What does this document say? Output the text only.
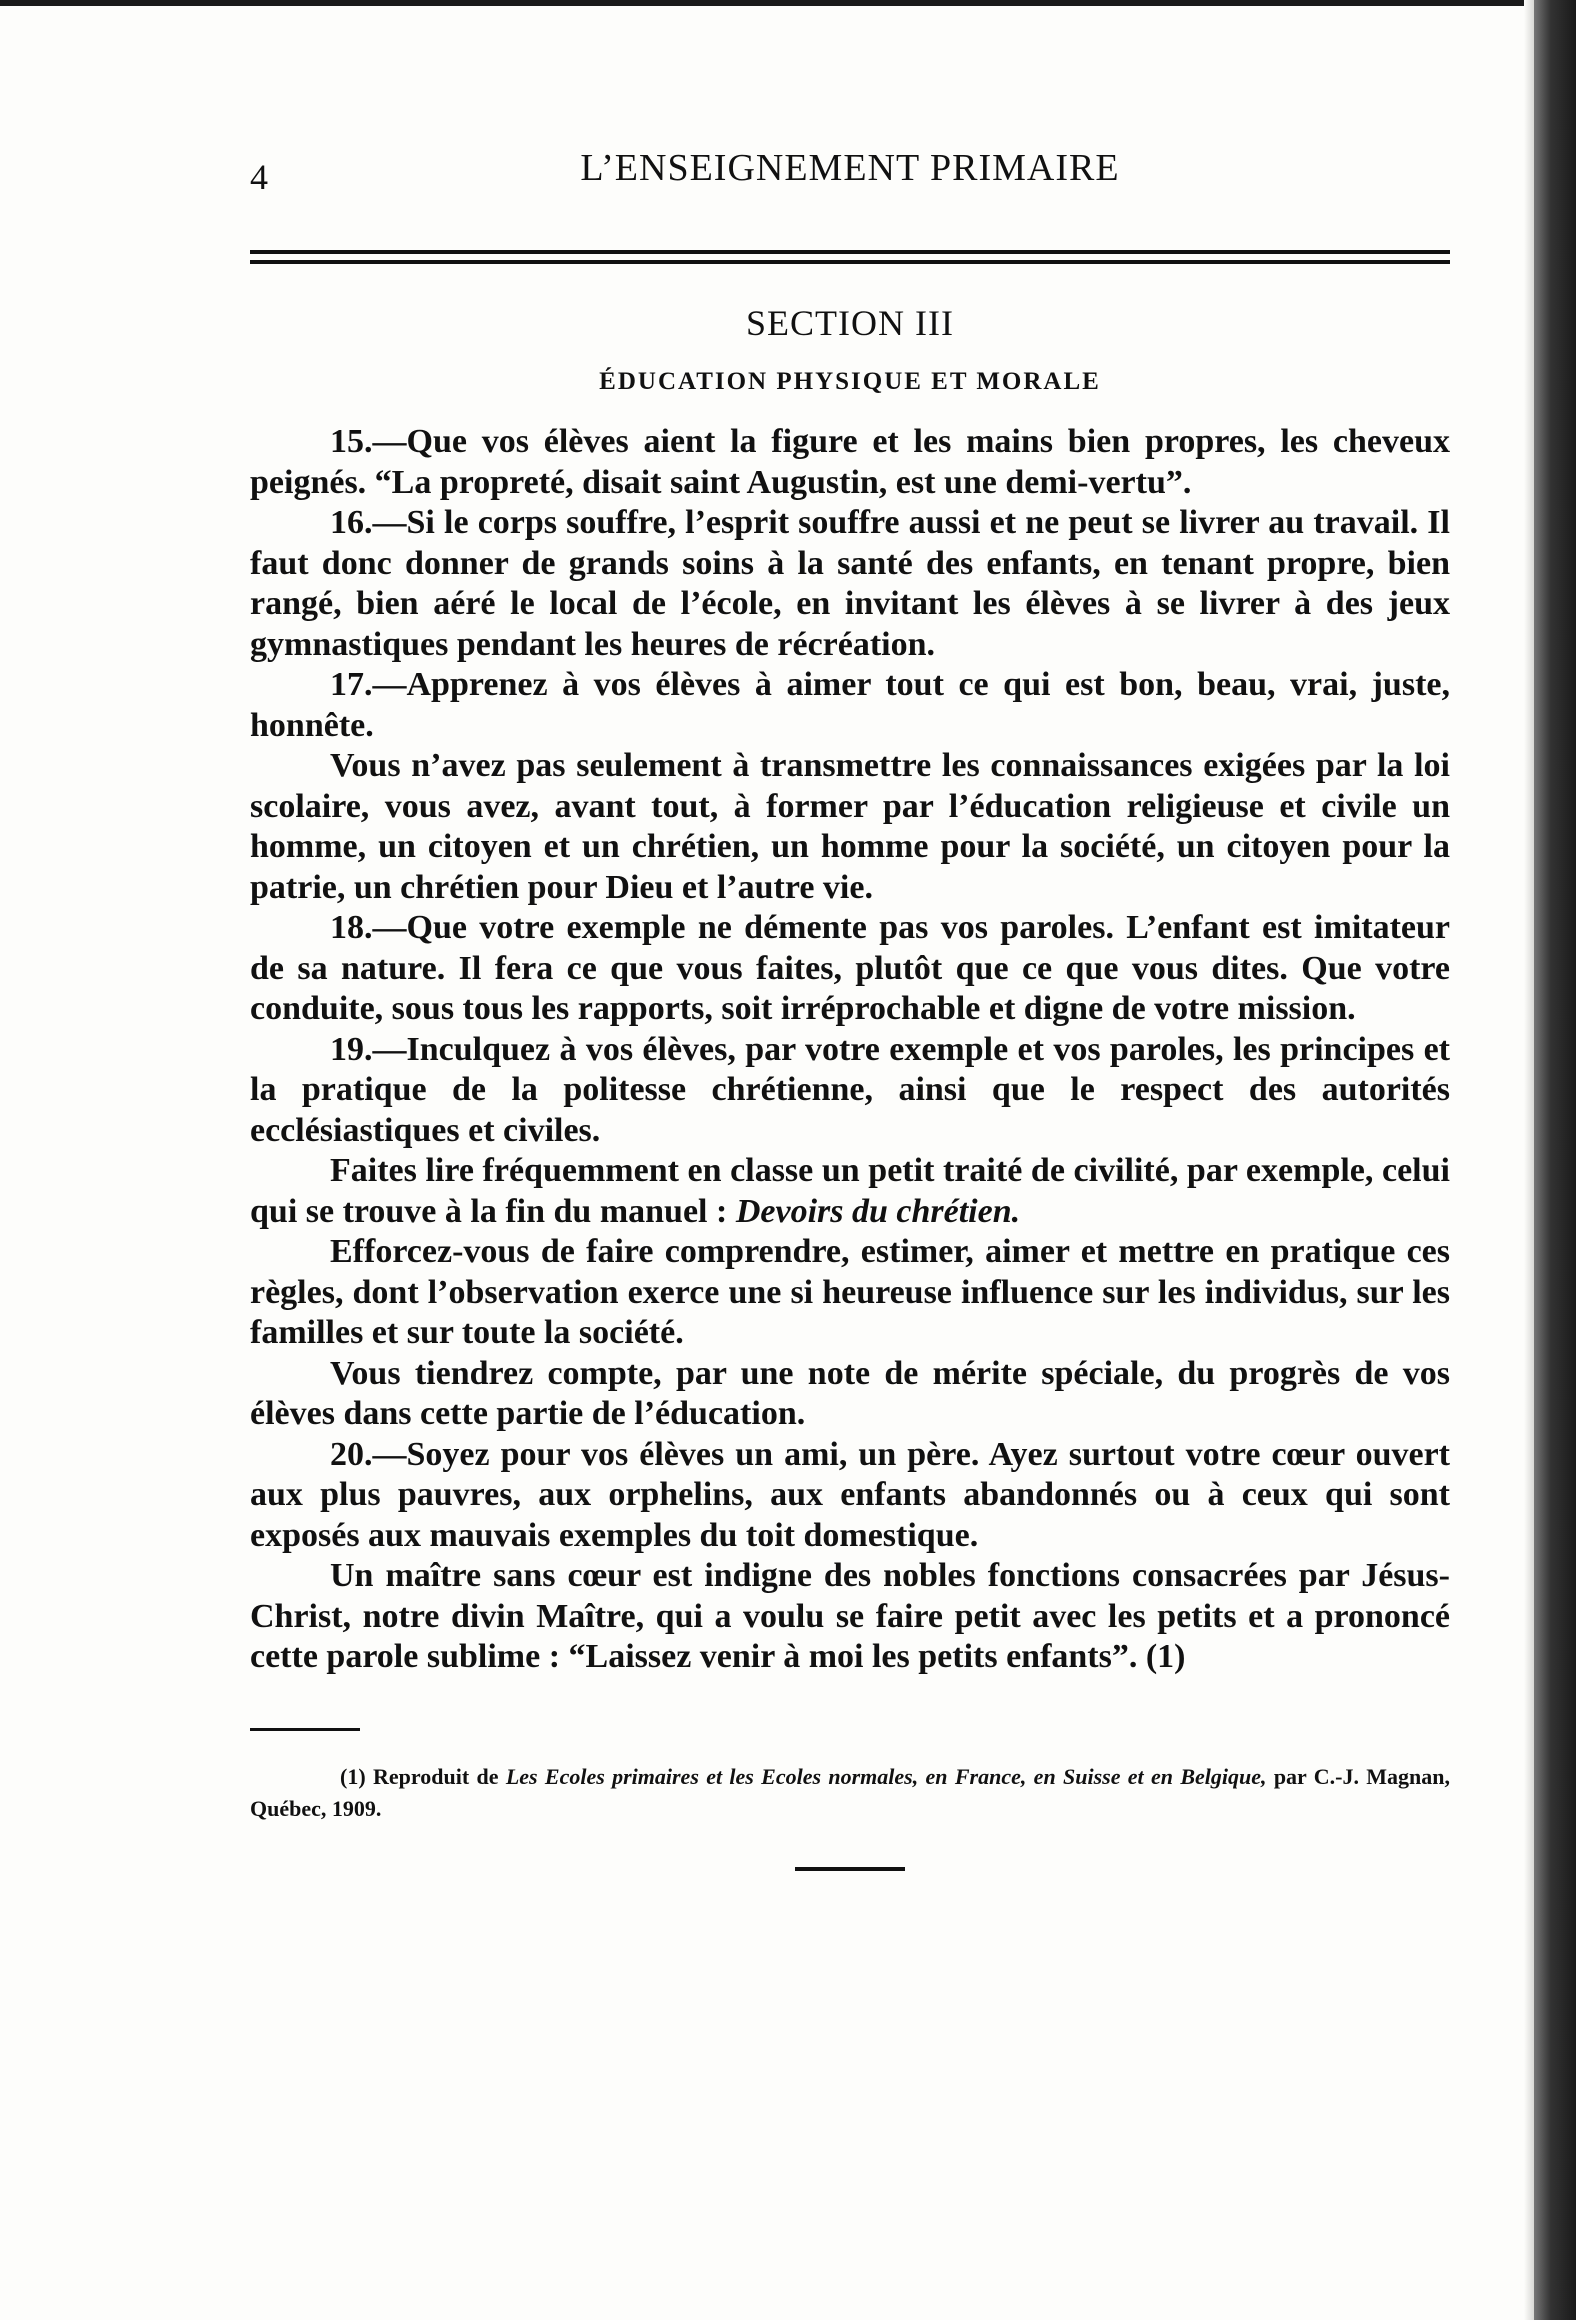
4	L’ENSEIGNEMENT PRIMAIRE
SECTION III
ÉDUCATION PHYSIQUE ET MORALE

15.—Que vos élèves aient la figure et les mains bien propres, les cheveux peignés. “La propreté, disait saint Augustin, est une demi-vertu”.

16.—Si le corps souffre, l’esprit souffre aussi et ne peut se livrer au travail. Il faut donc donner de grands soins à la santé des enfants, en tenant propre, bien rangé, bien aéré le local de l’école, en invitant les élèves à se livrer à des jeux gymnastiques pendant les heures de récréation.

17.—Apprenez à vos élèves à aimer tout ce qui est bon, beau, vrai, juste, honnête.

Vous n’avez pas seulement à transmettre les connaissances exigées par la loi scolaire, vous avez, avant tout, à former par l’éducation religieuse et civile un homme, un citoyen et un chrétien, un homme pour la société, un citoyen pour la patrie, un chrétien pour Dieu et l’autre vie.

18.—Que votre exemple ne démente pas vos paroles. L’enfant est imitateur de sa nature. Il fera ce que vous faites, plutôt que ce que vous dites. Que votre conduite, sous tous les rapports, soit irréprochable et digne de votre mission.

19.—Inculquez à vos élèves, par votre exemple et vos paroles, les principes et la pratique de la politesse chrétienne, ainsi que le respect des autorités ecclésiastiques et civiles.

Faites lire fréquemment en classe un petit traité de civilité, par exemple, celui qui se trouve à la fin du manuel : Devoirs du chrétien.

Efforcez-vous de faire comprendre, estimer, aimer et mettre en pratique ces règles, dont l’observation exerce une si heureuse influence sur les individus, sur les familles et sur toute la société.

Vous tiendrez compte, par une note de mérite spéciale, du progrès de vos élèves dans cette partie de l’éducation.

20.—Soyez pour vos élèves un ami, un père. Ayez surtout votre cœur ouvert aux plus pauvres, aux orphelins, aux enfants abandonnés ou à ceux qui sont exposés aux mauvais exemples du toit domestique.

Un maître sans cœur est indigne des nobles fonctions consacrées par Jésus-Christ, notre divin Maître, qui a voulu se faire petit avec les petits et a prononcé cette parole sublime : “Laissez venir à moi les petits enfants”. (1)

(1) Reproduit de Les Ecoles primaires et les Ecoles normales, en France, en Suisse et en Belgique, par C.-J. Magnan, Québec, 1909.
